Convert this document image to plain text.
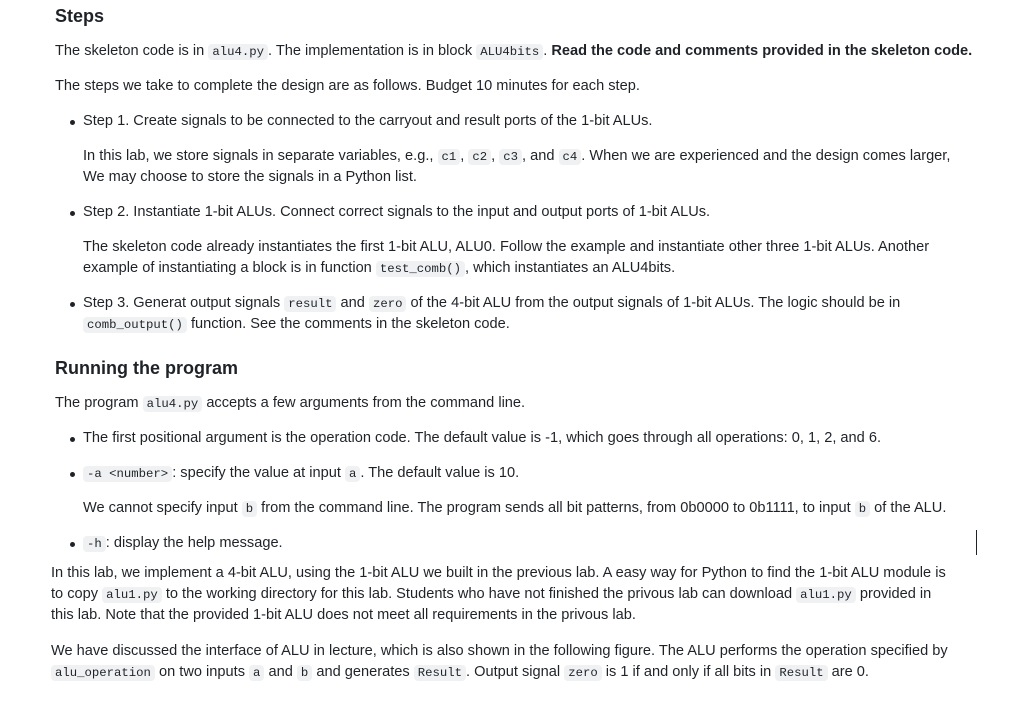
Steps

The skeleton code is in alu4.py . The implementation is in block ALU4bits . Read the code and comments provided in the skeleton code.

The steps we take to complete the design are as follows. Budget 10 minutes for each step.

Step 1. Create signals to be connected to the carryout and result ports of the 1-bit ALUs.

In this lab, we store signals in separate variables, e.g., c1 , c2 , c3 , and c4 . When we are experienced and the design comes larger,

We may choose to store the signals in a Python list.

Step 2. Instantiate 1-bit ALUs. Connect correct signals to the input and output ports of 1-bit ALUs.

The skeleton code already instantiates the first 1-bit ALU, ALU0. Follow the example and instantiate other three 1-bit ALUs. Another

example of instantiating a block is in function test_comb() , which instantiates an ALU4bits.

Step 3. Generat output signals result and zero of the 4-bit ALU from the output signals of 1-bit ALUs. The logic should be in

comb_output() function. See the comments in the skeleton code.

Running the program

The program alu4.py accepts a few arguments from the command line.

The first positional argument is the operation code. The default value is -1, which goes through all operations: 0, 1, 2, and 6.

-a <number> : specify the value at input a . The default value is 10.

We cannot specify input b from the command line. The program sends all bit patterns, from 0b0000 to 0b1111, to input b of the ALU.

-h : display the help message.

In this lab, we implement a 4-bit ALU, using the 1-bit ALU we built in the previous lab. A easy way for Python to find the 1-bit ALU module is

to copy alu1.py to the working directory for this lab. Students who have not finished the privous lab can download alu1.py provided in

this lab. Note that the provided 1-bit ALU does not meet all requirements in the privous lab.

We have discussed the interface of ALU in lecture, which is also shown in the following figure. The ALU performs the operation specified by

alu_operation on two inputs a and b and generates Result . Output signal zero is 1 if and only if all bits in Result are 0.
